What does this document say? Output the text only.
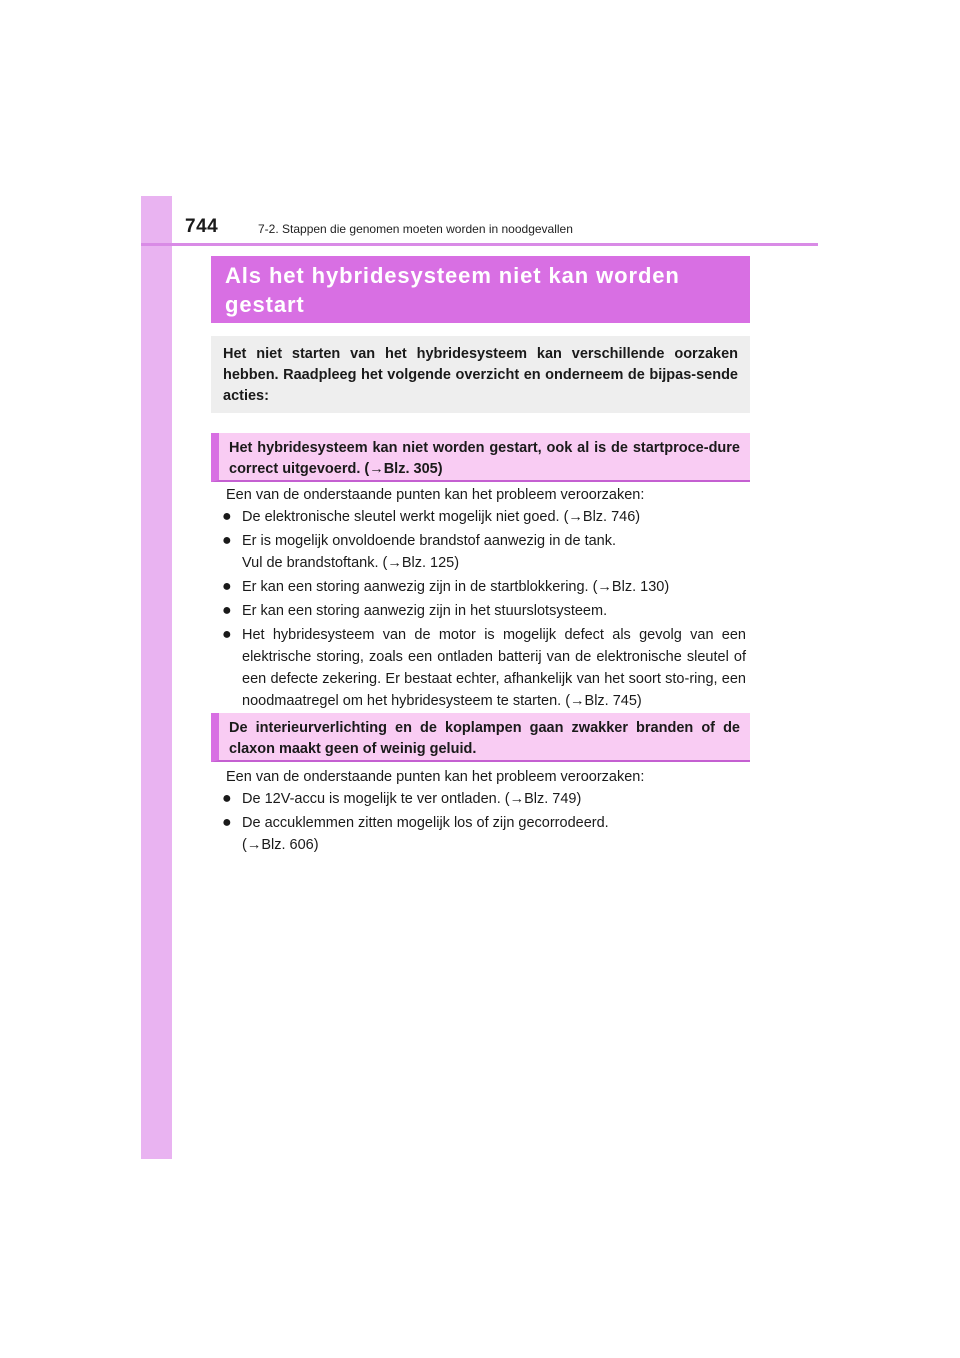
744	7-2. Stappen die genomen moeten worden in noodgevallen
Als het hybridesysteem niet kan worden
gestart
Het niet starten van het hybridesysteem kan verschillende oorzaken hebben. Raadpleeg het volgende overzicht en onderneem de bijpas-sende acties:
Het hybridesysteem kan niet worden gestart, ook al is de startproce-dure correct uitgevoerd. (→Blz. 305)
Een van de onderstaande punten kan het probleem veroorzaken:
● De elektronische sleutel werkt mogelijk niet goed. (→Blz. 746)
● Er is mogelijk onvoldoende brandstof aanwezig in de tank.
Vul de brandstoftank. (→Blz. 125)
● Er kan een storing aanwezig zijn in de startblokkering. (→Blz. 130)
● Er kan een storing aanwezig zijn in het stuurslotsysteem.
● Het hybridesysteem van de motor is mogelijk defect als gevolg van een elektrische storing, zoals een ontladen batterij van de elektronische sleutel of een defecte zekering. Er bestaat echter, afhankelijk van het soort sto-ring, een noodmaatregel om het hybridesysteem te starten. (→Blz. 745)
De interieurverlichting en de koplampen gaan zwakker branden of de claxon maakt geen of weinig geluid.
Een van de onderstaande punten kan het probleem veroorzaken:
● De 12V-accu is mogelijk te ver ontladen. (→Blz. 749)
● De accuklemmen zitten mogelijk los of zijn gecorrodeerd.
(→Blz. 606)
